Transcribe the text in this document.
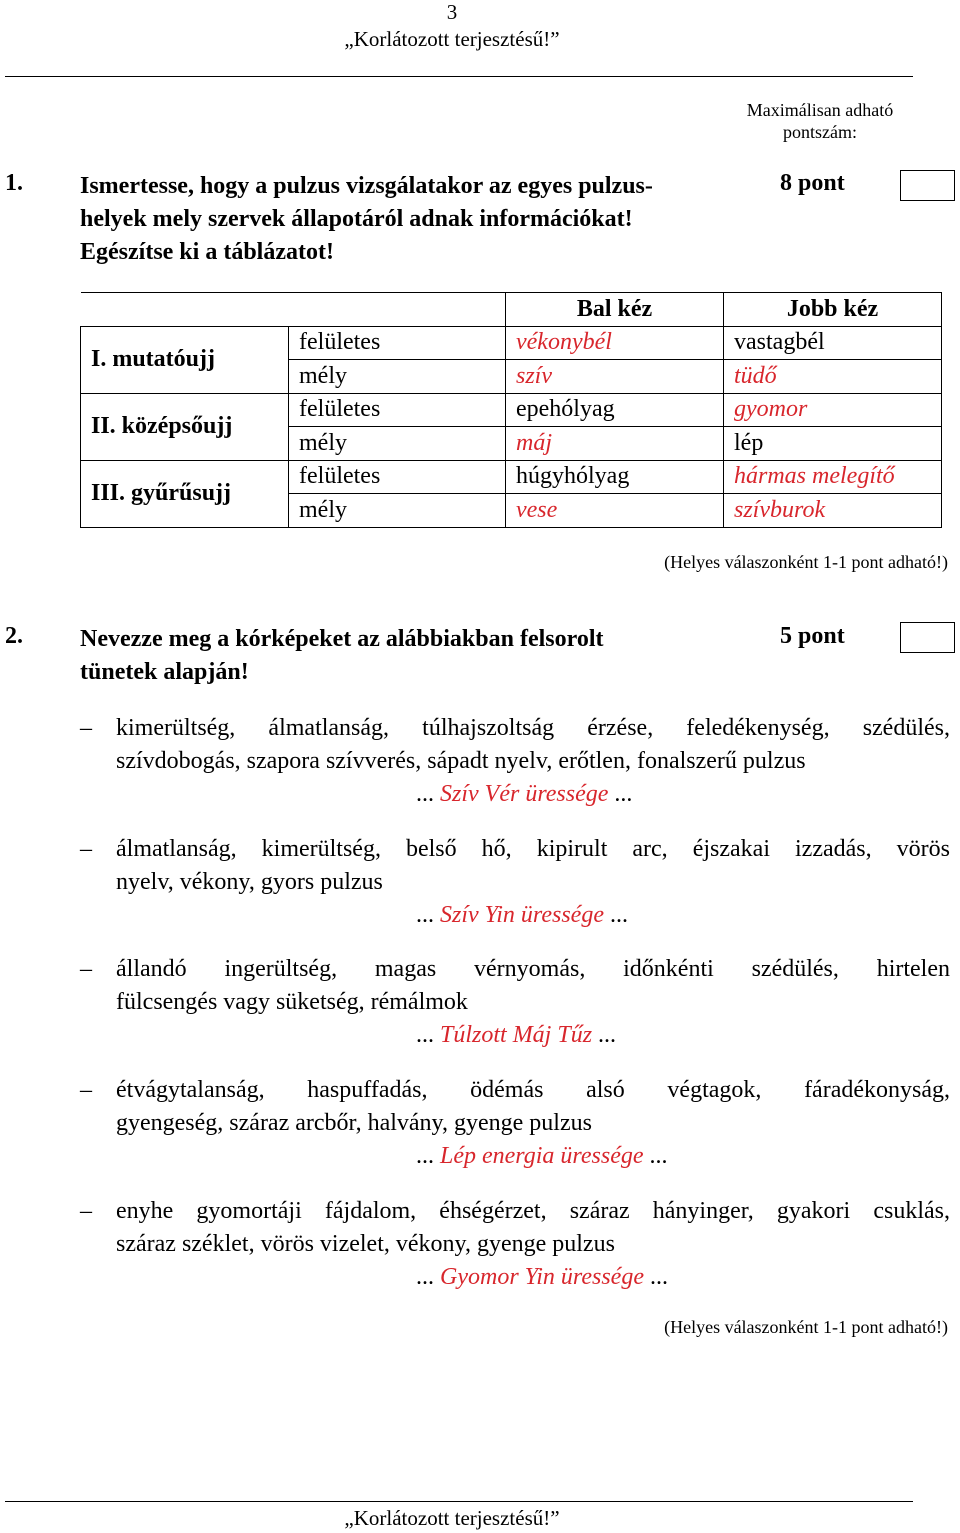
3
„Korlátozott terjesztésű!”
Maximálisan adható
pontszám:
1. Ismertesse, hogy a pulzus vizsgálatakor az egyes pulzus-
helyek mely szervek állapotáról adnak információkat!
Egészítse ki a táblázatot!
8 pont
		Bal kéz	Jobb kéz
I. mutatóujj	felületes	vékonybél	vastagbél
	mély	szív	tüdő
II. középsőujj	felületes	epehólyag	gyomor
	mély	máj	lép
III. gyűrűsujj	felületes	húgyhólyag	hármas melegítő
	mély	vese	szívburok
(Helyes válaszonként 1-1 pont adható!)
2. Nevezze meg a kórképeket az alábbiakban felsorolt
tünetek alapján!
5 pont
– kimerültség, álmatlanság, túlhajszoltság érzése, feledékenység, szédülés,
szívdobogás, szapora szívverés, sápadt nyelv, erőtlen, fonalszerű pulzus
... Szív Vér üressége ...
– álmatlanság, kimerültség, belső hő, kipirult arc, éjszakai izzadás, vörös
nyelv, vékony, gyors pulzus
... Szív Yin üressége ...
– állandó ingerültség, magas vérnyomás, időnkénti szédülés, hirtelen
fülcsengés vagy süketség, rémálmok
... Túlzott Máj Tűz ...
– étvágytalanság, haspuffadás, ödémás alsó végtagok, fáradékonyság,
gyengeség, száraz arcbőr, halvány, gyenge pulzus
... Lép energia üressége ...
– enyhe gyomortáji fájdalom, éhségérzet, száraz hányinger, gyakori csuklás,
száraz széklet, vörös vizelet, vékony, gyenge pulzus
... Gyomor Yin üressége ...
(Helyes válaszonként 1-1 pont adható!)
„Korlátozott terjesztésű!”
